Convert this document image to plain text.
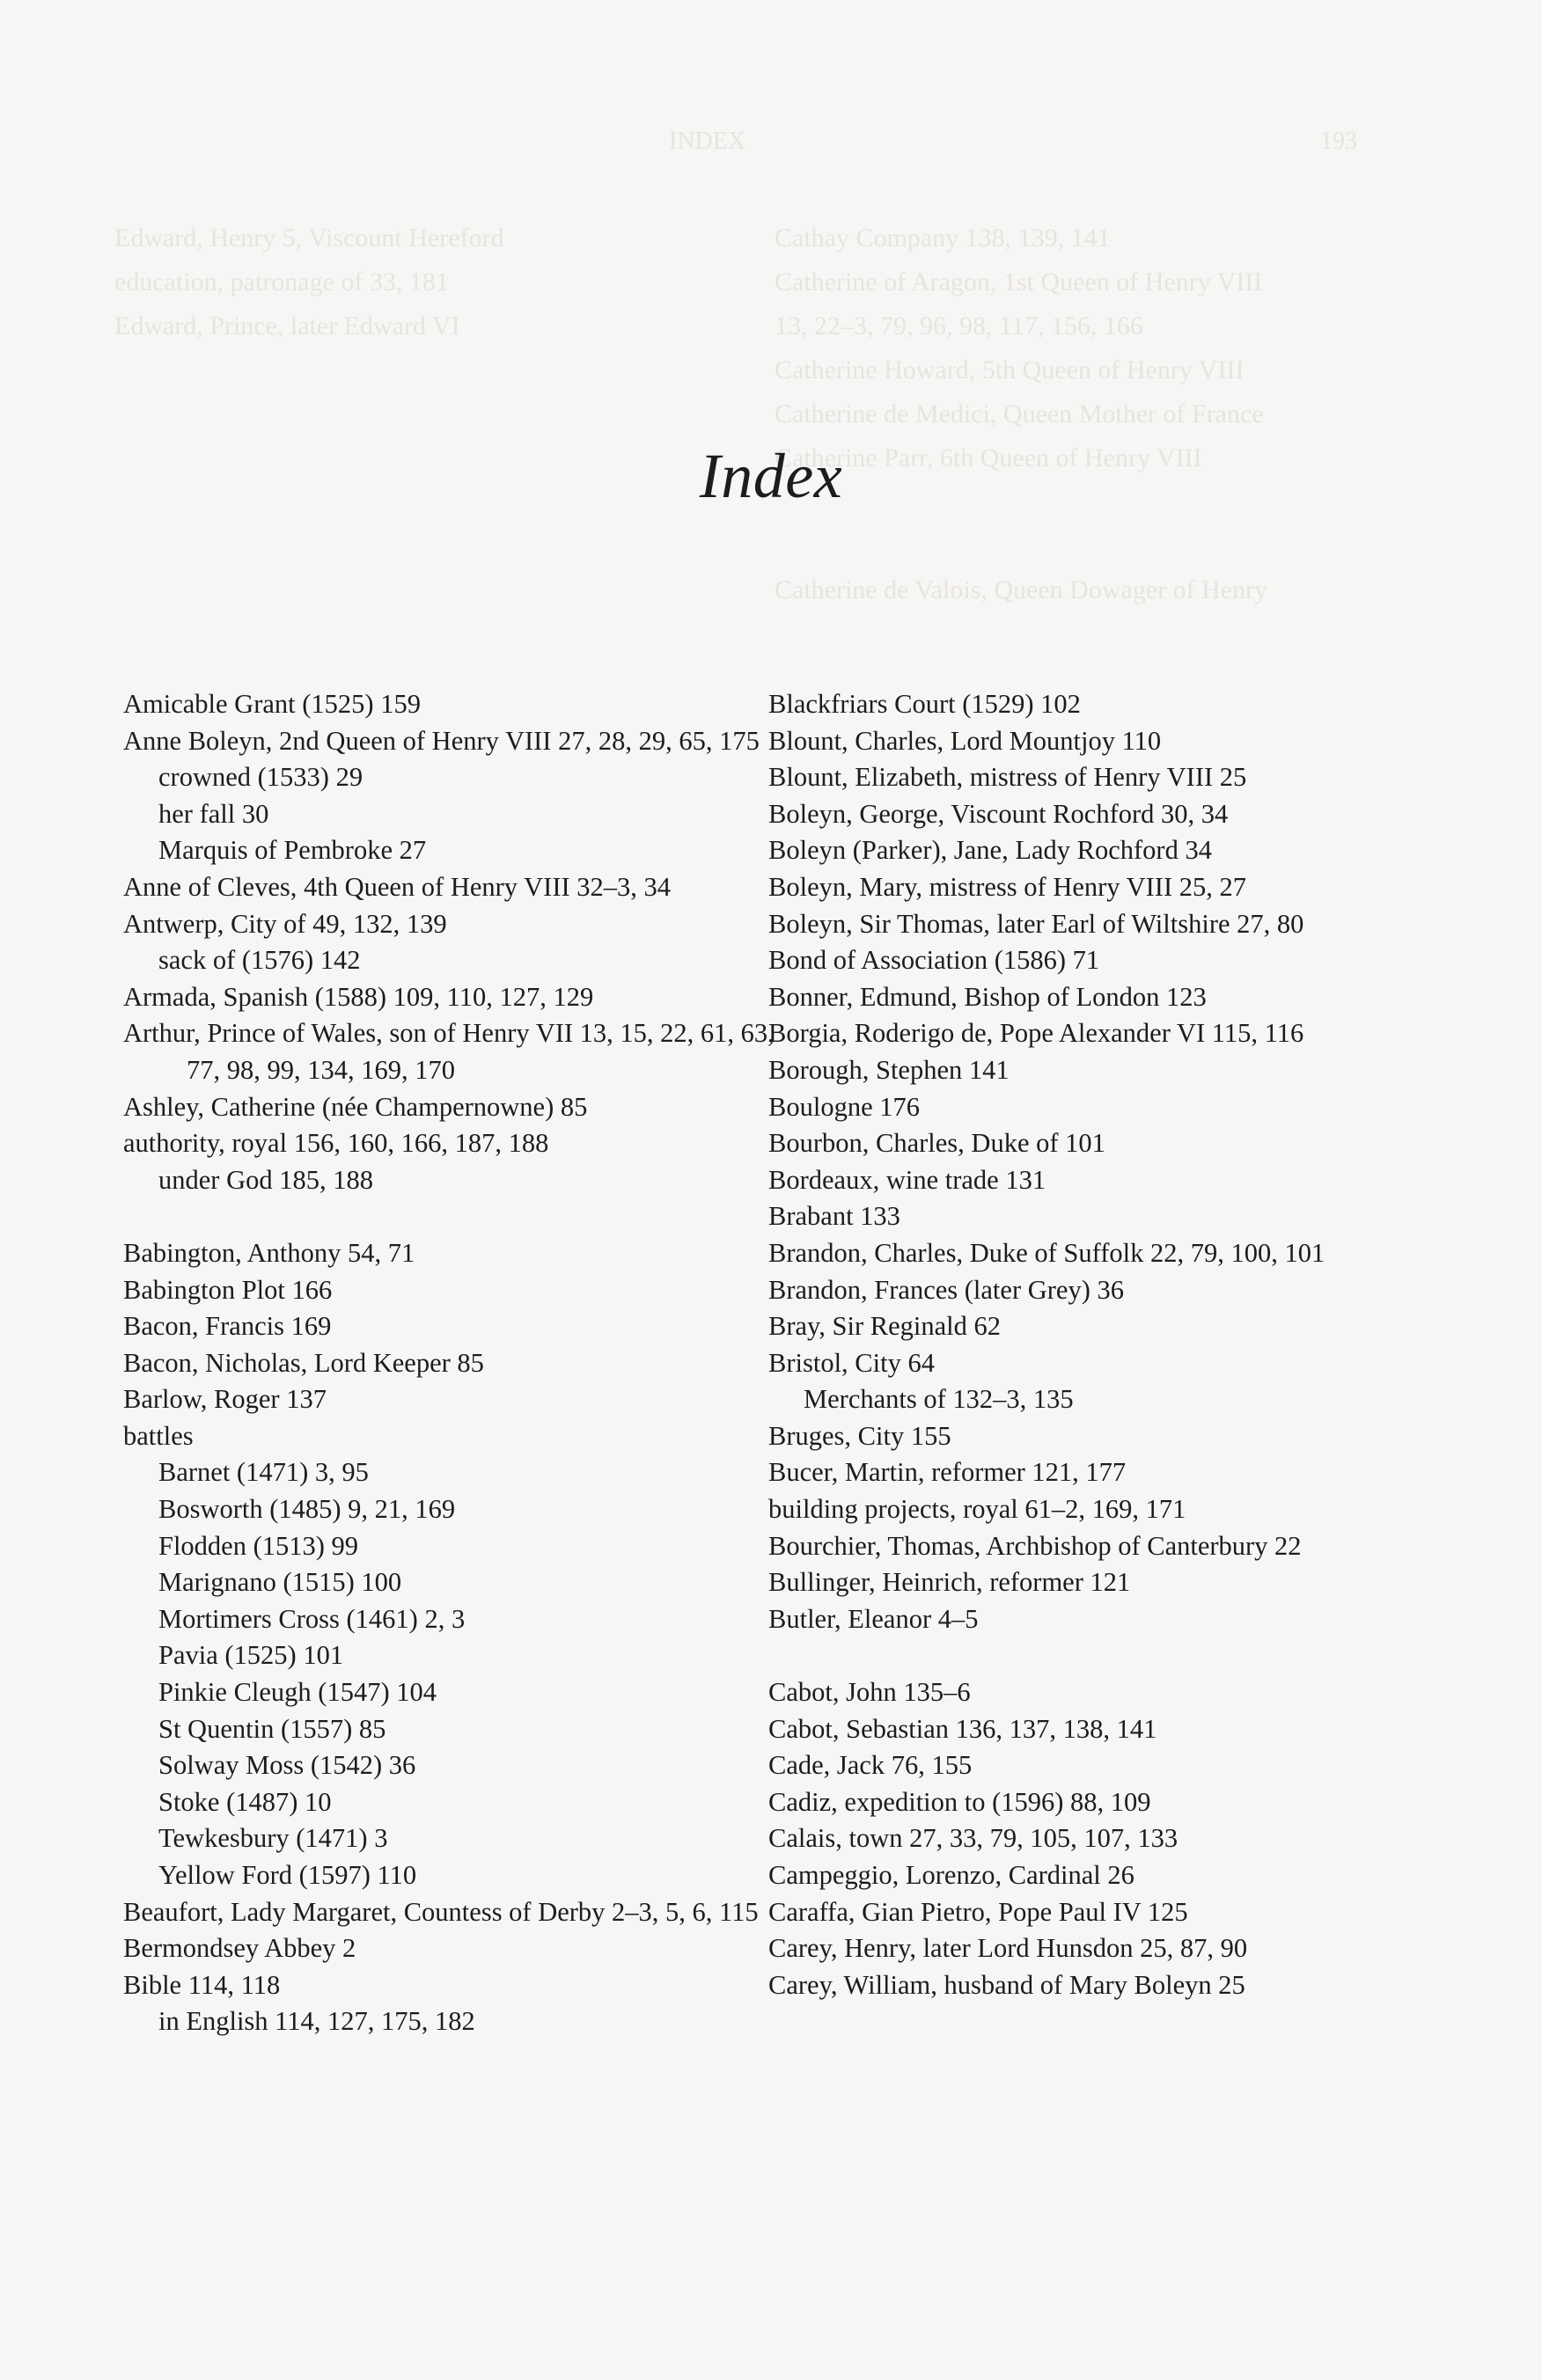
INDEX	193
Edward, Henry 5, Viscount Hereford	Cathay Company 138, 139, 141
education, patronage of 33, 181	Catherine of Aragon, 1st Queen of Henry VIII
Edward, Prince, later Edward VI	13, 22–3, 79, 96, 98, 117, 156, 166
Catherine Howard, 5th Queen of Henry VIII
Catherine de Medici, Queen Mother of France
Catherine Parr, 6th Queen of Henry VIII
Catherine de Valois, Queen Dowager of Henry
Index
Amicable Grant (1525) 159
Anne Boleyn, 2nd Queen of Henry VIII 27, 28, 29, 65, 175
crowned (1533) 29
her fall 30
Marquis of Pembroke 27
Anne of Cleves, 4th Queen of Henry VIII 32–3, 34
Antwerp, City of 49, 132, 139
sack of (1576) 142
Armada, Spanish (1588) 109, 110, 127, 129
Arthur, Prince of Wales, son of Henry VII 13, 15, 22, 61, 63, 77, 98, 99, 134, 169, 170
Ashley, Catherine (née Champernowne) 85
authority, royal 156, 160, 166, 187, 188
under God 185, 188
Babington, Anthony 54, 71
Babington Plot 166
Bacon, Francis 169
Bacon, Nicholas, Lord Keeper 85
Barlow, Roger 137
battles
Barnet (1471) 3, 95
Bosworth (1485) 9, 21, 169
Flodden (1513) 99
Marignano (1515) 100
Mortimers Cross (1461) 2, 3
Pavia (1525) 101
Pinkie Cleugh (1547) 104
St Quentin (1557) 85
Solway Moss (1542) 36
Stoke (1487) 10
Tewkesbury (1471) 3
Yellow Ford (1597) 110
Beaufort, Lady Margaret, Countess of Derby 2–3, 5, 6, 115
Bermondsey Abbey 2
Bible 114, 118
in English 114, 127, 175, 182
Blackfriars Court (1529) 102
Blount, Charles, Lord Mountjoy 110
Blount, Elizabeth, mistress of Henry VIII 25
Boleyn, George, Viscount Rochford 30, 34
Boleyn (Parker), Jane, Lady Rochford 34
Boleyn, Mary, mistress of Henry VIII 25, 27
Boleyn, Sir Thomas, later Earl of Wiltshire 27, 80
Bond of Association (1586) 71
Bonner, Edmund, Bishop of London 123
Borgia, Roderigo de, Pope Alexander VI 115, 116
Borough, Stephen 141
Boulogne 176
Bourbon, Charles, Duke of 101
Bordeaux, wine trade 131
Brabant 133
Brandon, Charles, Duke of Suffolk 22, 79, 100, 101
Brandon, Frances (later Grey) 36
Bray, Sir Reginald 62
Bristol, City 64
Merchants of 132–3, 135
Bruges, City 155
Bucer, Martin, reformer 121, 177
building projects, royal 61–2, 169, 171
Bourchier, Thomas, Archbishop of Canterbury 22
Bullinger, Heinrich, reformer 121
Butler, Eleanor 4–5
Cabot, John 135–6
Cabot, Sebastian 136, 137, 138, 141
Cade, Jack 76, 155
Cadiz, expedition to (1596) 88, 109
Calais, town 27, 33, 79, 105, 107, 133
Campeggio, Lorenzo, Cardinal 26
Caraffa, Gian Pietro, Pope Paul IV 125
Carey, Henry, later Lord Hunsdon 25, 87, 90
Carey, William, husband of Mary Boleyn 25
